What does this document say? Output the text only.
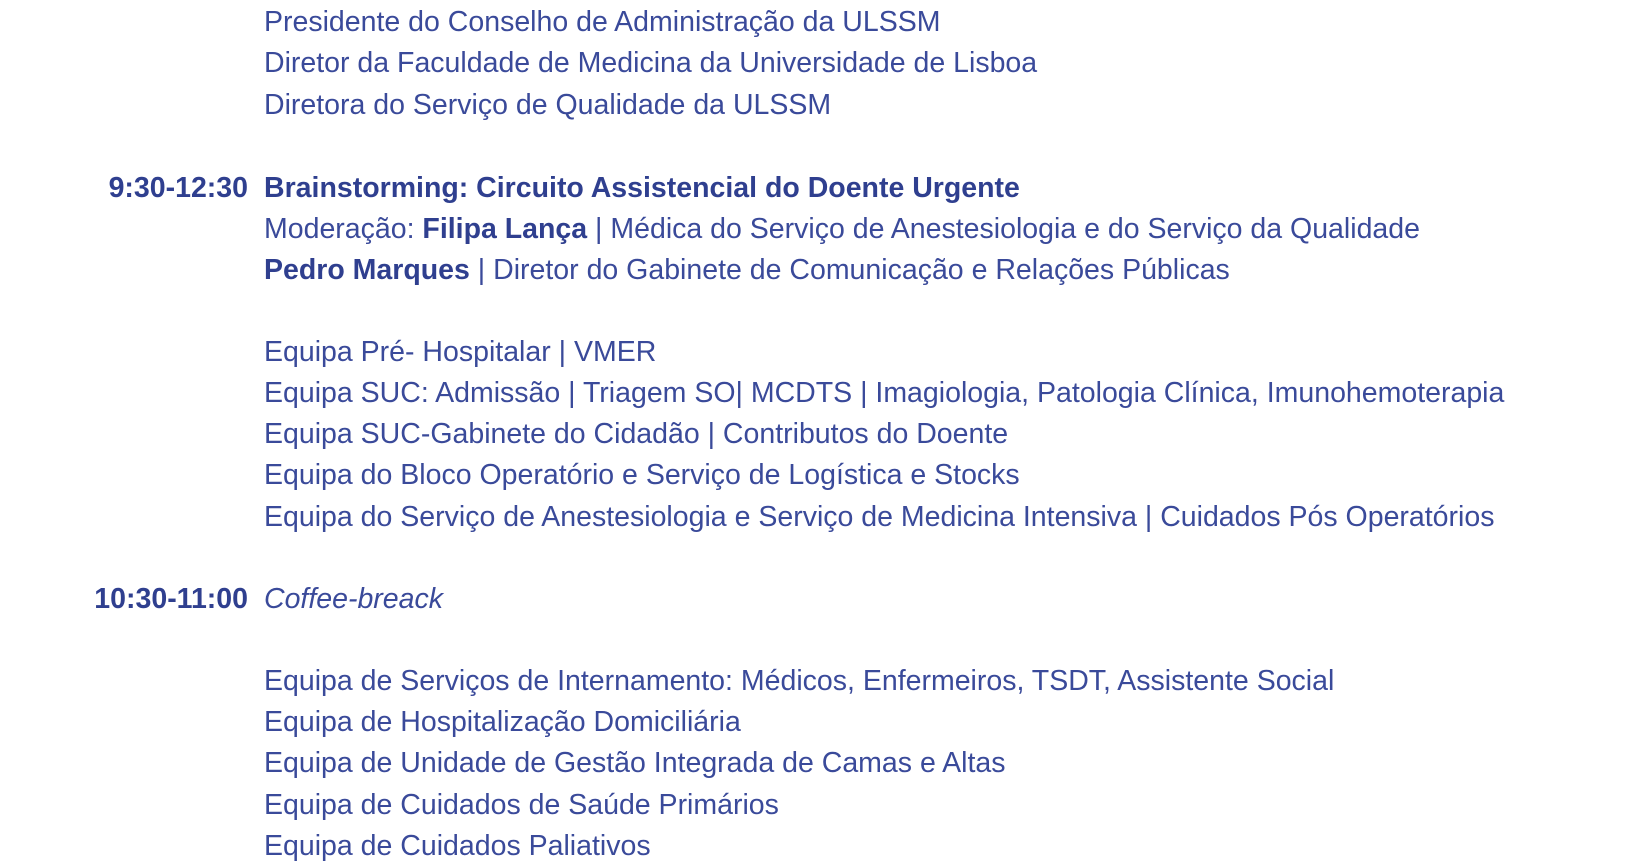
Presidente do Conselho de Administração da ULSSM
Diretor da Faculdade de Medicina da Universidade de Lisboa
Diretora do Serviço de Qualidade da ULSSM
9:30-12:30 Brainstorming: Circuito Assistencial do Doente Urgente
Moderação: Filipa Lança | Médica do Serviço de Anestesiologia e do Serviço da Qualidade
Pedro Marques | Diretor do Gabinete de Comunicação e Relações Públicas
Equipa Pré- Hospitalar | VMER
Equipa SUC: Admissão | Triagem SO| MCDTS | Imagiologia, Patologia Clínica, Imunohemoterapia
Equipa SUC-Gabinete do Cidadão | Contributos do Doente
Equipa do Bloco Operatório e Serviço de Logística e Stocks
Equipa do Serviço de Anestesiologia e Serviço de Medicina Intensiva | Cuidados Pós Operatórios
10:30-11:00 Coffee-breack
Equipa de Serviços de Internamento: Médicos, Enfermeiros, TSDT, Assistente Social
Equipa de Hospitalização Domiciliária
Equipa de Unidade de Gestão Integrada de Camas e Altas
Equipa de Cuidados de Saúde Primários
Equipa de Cuidados Paliativos
